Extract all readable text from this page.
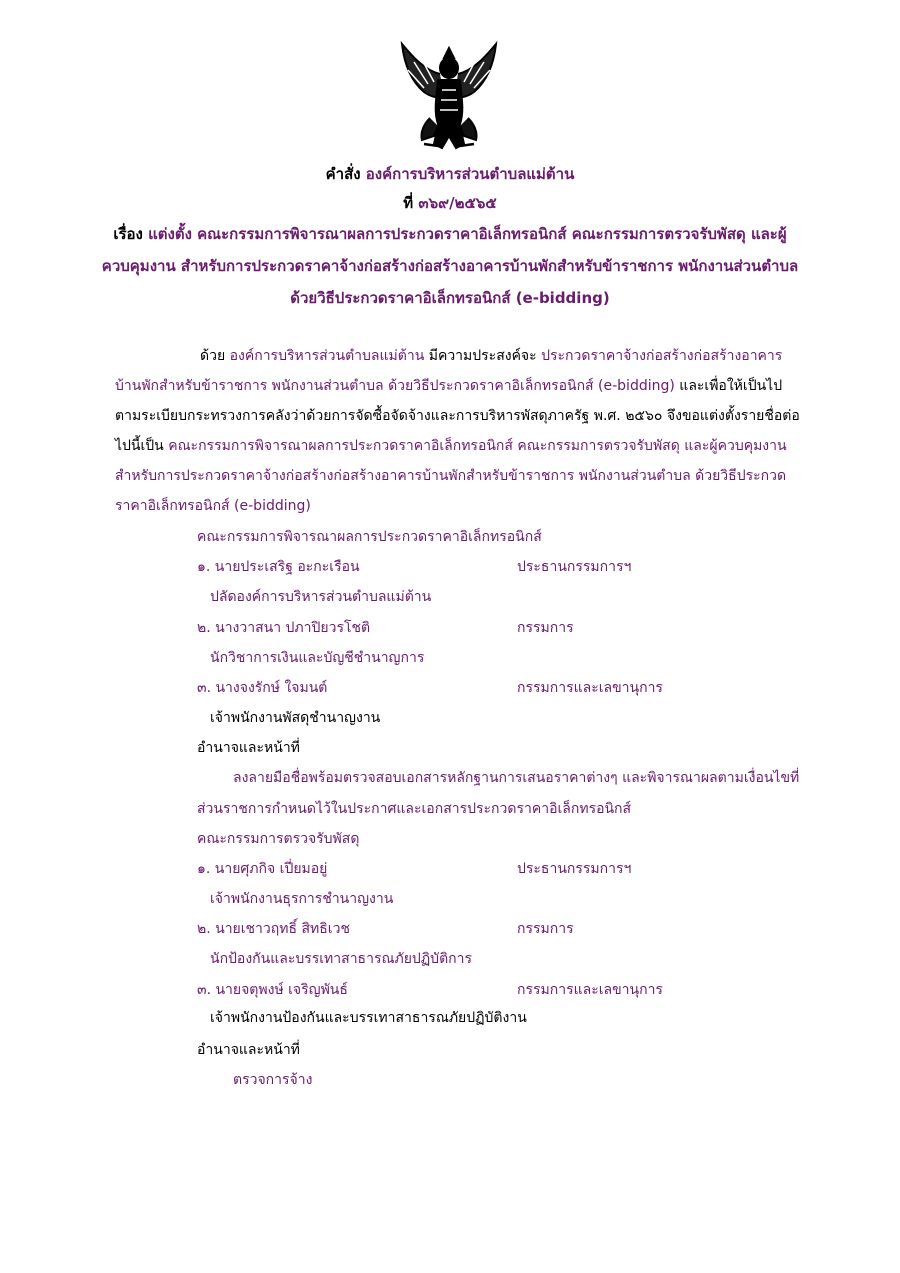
คำสั่ง องค์การบริหารส่วนตำบลแม่ต้าน
ที่ ๓๖๙/๒๕๖๕
เรื่อง แต่งตั้ง คณะกรรมการพิจารณาผลการประกวดราคาอิเล็กทรอนิกส์ คณะกรรมการตรวจรับพัสดุ และผู้
ควบคุมงาน สำหรับการประกวดราคาจ้างก่อสร้างก่อสร้างอาคารบ้านพักสำหรับข้าราชการ พนักงานส่วนตำบล
ด้วยวิธีประกวดราคาอิเล็กทรอนิกส์ (e-bidding)
ด้วย องค์การบริหารส่วนตำบลแม่ต้าน มีความประสงค์จะ ประกวดราคาจ้างก่อสร้างก่อสร้างอาคาร
บ้านพักสำหรับข้าราชการ พนักงานส่วนตำบล ด้วยวิธีประกวดราคาอิเล็กทรอนิกส์ (e-bidding) และเพื่อให้เป็นไป
ตามระเบียบกระทรวงการคลังว่าด้วยการจัดซื้อจัดจ้างและการบริหารพัสดุภาครัฐ พ.ศ. ๒๕๖๐ จึงขอแต่งตั้งรายชื่อต่อ
ไปนี้เป็น คณะกรรมการพิจารณาผลการประกวดราคาอิเล็กทรอนิกส์ คณะกรรมการตรวจรับพัสดุ และผู้ควบคุมงาน
สำหรับการประกวดราคาจ้างก่อสร้างก่อสร้างอาคารบ้านพักสำหรับข้าราชการ พนักงานส่วนตำบล ด้วยวิธีประกวด
ราคาอิเล็กทรอนิกส์ (e-bidding)
คณะกรรมการพิจารณาผลการประกวดราคาอิเล็กทรอนิกส์
๑. นายประเสริฐ อะกะเรือน	ประธานกรรมการฯ
ปลัดองค์การบริหารส่วนตำบลแม่ต้าน
๒. นางวาสนา ปภาปิยวรโชติ	กรรมการ
นักวิชาการเงินและบัญชีชำนาญการ
๓. นางจงรักษ์ ใจมนต์	กรรมการและเลขานุการ
เจ้าพนักงานพัสดุชำนาญงาน
อำนาจและหน้าที่
ลงลายมือชื่อพร้อมตรวจสอบเอกสารหลักฐานการเสนอราคาต่างๆ และพิจารณาผลตามเงื่อนไขที่
ส่วนราชการกำหนดไว้ในประกาศและเอกสารประกวดราคาอิเล็กทรอนิกส์
คณะกรรมการตรวจรับพัสดุ
๑. นายศุภกิจ เปี่ยมอยู่	ประธานกรรมการฯ
เจ้าพนักงานธุรการชำนาญงาน
๒. นายเชาวฤทธิ์ สิทธิเวช	กรรมการ
นักป้องกันและบรรเทาสาธารณภัยปฏิบัติการ
๓. นายจตุพงษ์ เจริญพันธ์	กรรมการและเลขานุการ
เจ้าพนักงานป้องกันและบรรเทาสาธารณภัยปฏิบัติงาน
อำนาจและหน้าที่
ตรวจการจ้าง
